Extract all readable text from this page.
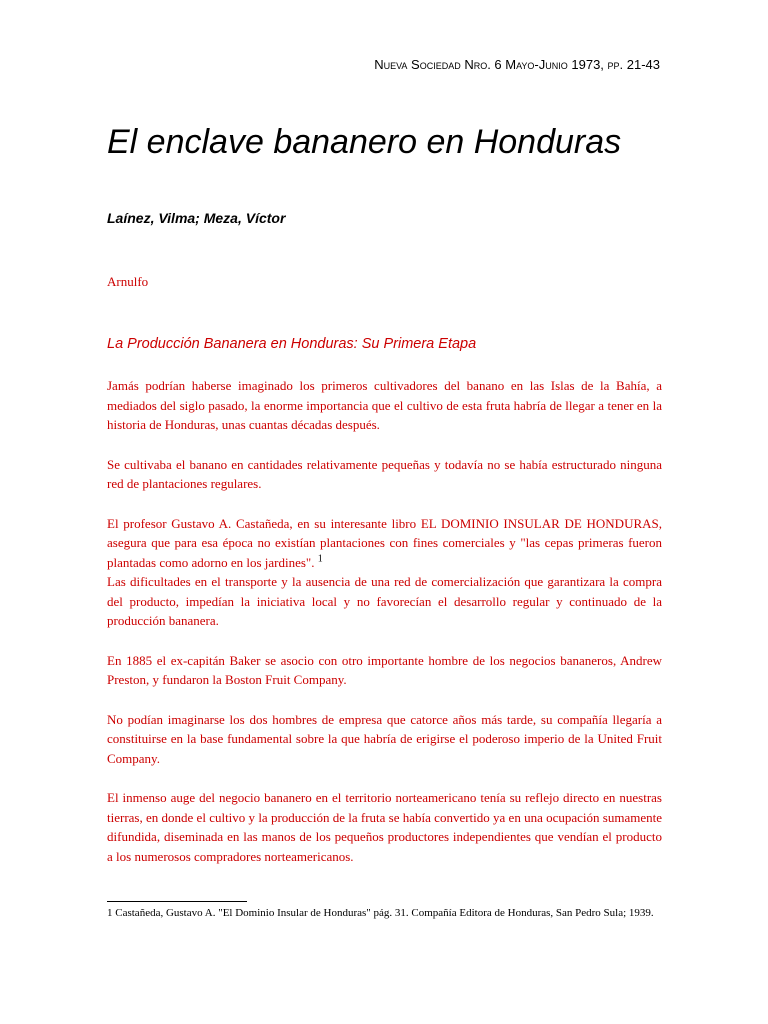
Nueva Sociedad Nro. 6 Mayo-Junio 1973, pp. 21-43
El enclave bananero en Honduras
Laínez, Vilma; Meza, Víctor
Arnulfo
La Producción Bananera en Honduras: Su Primera Etapa

Jamás podrían haberse imaginado los primeros cultivadores del banano en las Islas de la Bahía, a mediados del siglo pasado, la enorme importancia que el cultivo de esta fruta habría de llegar a tener en la historia de Honduras, unas cuantas décadas después.

Se cultivaba el banano en cantidades relativamente pequeñas y todavía no se había estructurado ninguna red de plantaciones regulares.

El profesor Gustavo A. Castañeda, en su interesante libro EL DOMINIO INSULAR DE HONDURAS, asegura que para esa época no existían plantaciones con fines comerciales y "las cepas primeras fueron plantadas como adorno en los jardines". $^1$

Las dificultades en el transporte y la ausencia de una red de comercialización que garantizara la compra del producto, impedían la iniciativa local y no favorecían el desarrollo regular y continuado de la producción bananera.

En 1885 el ex-capitán Baker se asocio con otro importante hombre de los negocios bananeros, Andrew Preston, y fundaron la Boston Fruit Company.

No podían imaginarse los dos hombres de empresa que catorce años más tarde, su compañía llegaría a constituirse en la base fundamental sobre la que habría de erigirse el poderoso imperio de la United Fruit Company.

El inmenso auge del negocio bananero en el territorio norteamericano tenía su reflejo directo en nuestras tierras, en donde el cultivo y la producción de la fruta se había convertido ya en una ocupación sumamente difundida, diseminada en las manos de los pequeños productores independientes que vendían el producto a los numerosos compradores norteamericanos.

1 Castañeda, Gustavo A. "El Dominio Insular de Honduras" pág. 31. Compañía Editora de Honduras, San Pedro Sula; 1939.
